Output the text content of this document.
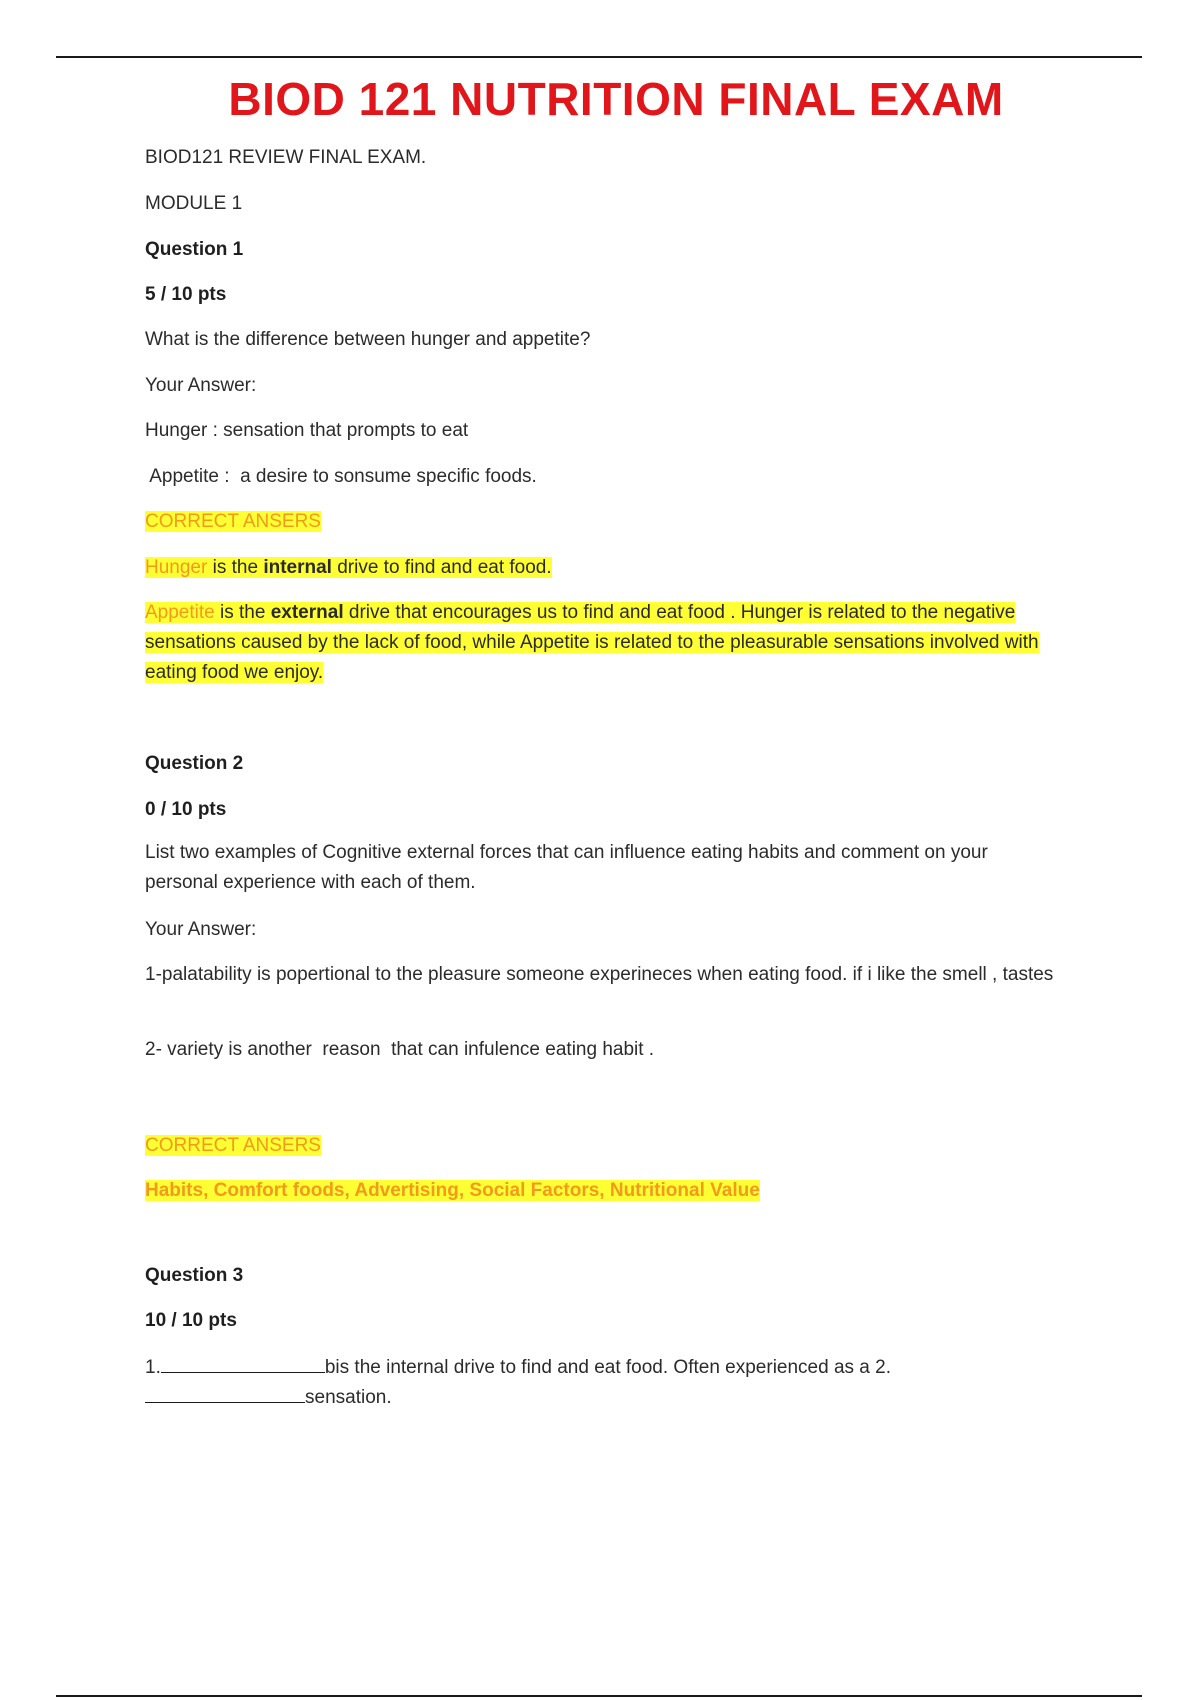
BIOD 121 NUTRITION FINAL EXAM

BIOD121 REVIEW FINAL EXAM.

MODULE 1

Question 1

5 / 10 pts

What is the difference between hunger and appetite?

Your Answer:

Hunger : sensation that prompts to eat

Appetite :  a desire to sonsume specific foods.

CORRECT ANSERS

Hunger is the internal drive to find and eat food.

Appetite is the external drive that encourages us to find and eat food . Hunger is related to the negative sensations caused by the lack of food, while Appetite is related to the pleasurable sensations involved with eating food we enjoy.

Question 2

0 / 10 pts

List two examples of Cognitive external forces that can influence eating habits and comment on your personal experience with each of them.

Your Answer:

1-palatability is popertional to the pleasure someone experineces when eating food. if i like the smell , tastes

2- variety is another  reason  that can infulence eating habit .

CORRECT ANSERS

Habits, Comfort foods, Advertising, Social Factors, Nutritional Value

Question 3

10 / 10 pts

1.	bis the internal drive to find and eat food. Often experienced as a 2.

sensation.
